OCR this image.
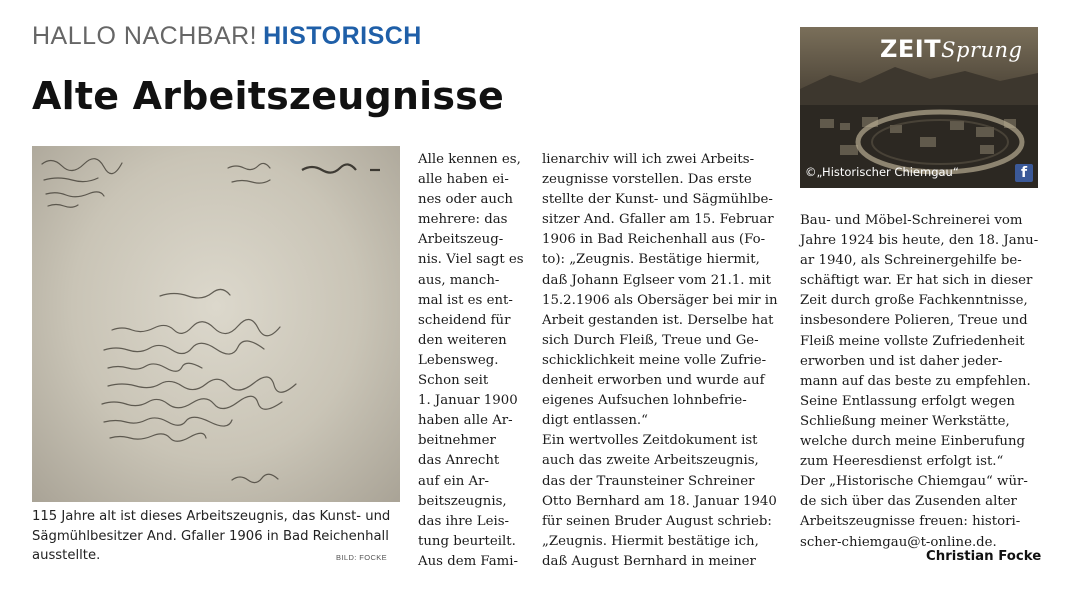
HALLO NACHBAR! HISTORISCH
Alte Arbeitszeugnisse
115 Jahre alt ist dieses Arbeitszeugnis, das Kunst- und Sägmühlbesitzer And. Gfaller 1906 in Bad Reichenhall ausstellte.	BILD: FOCKE
Alle kennen es,
alle haben ei-
nes oder auch
mehrere: das
Arbeitszeug-
nis. Viel sagt es
aus, manch-
mal ist es ent-
scheidend für
den weiteren
Lebensweg.
Schon seit
1. Januar 1900
haben alle Ar-
beitnehmer
das Anrecht
auf ein Ar-
beitszeugnis,
das ihre Leis-
tung beurteilt.
Aus dem Fami-
lienarchiv will ich zwei Arbeits-
zeugnisse vorstellen. Das erste
stellte der Kunst- und Sägmühlbe-
sitzer And. Gfaller am 15. Februar
1906 in Bad Reichenhall aus (Fo-
to): „Zeugnis. Bestätige hiermit,
daß Johann Eglseer vom 21.1. mit
15.2.1906 als Obersäger bei mir in
Arbeit gestanden ist. Derselbe hat
sich Durch Fleiß, Treue und Ge-
schicklichkeit meine volle Zufrie-
denheit erworben und wurde auf
eigenes Aufsuchen lohnbefrie-
digt entlassen.“
Ein wertvolles Zeitdokument ist
auch das zweite Arbeitszeugnis,
das der Traunsteiner Schreiner
Otto Bernhard am 18. Januar 1940
für seinen Bruder August schrieb:
„Zeugnis. Hiermit bestätige ich,
daß August Bernhard in meiner
Bau- und Möbel-Schreinerei vom
Jahre 1924 bis heute, den 18. Janu-
ar 1940, als Schreinergehilfe be-
schäftigt war. Er hat sich in dieser
Zeit durch große Fachkenntnisse,
insbesondere Polieren, Treue und
Fleiß meine vollste Zufriedenheit
erworben und ist daher jeder-
mann auf das beste zu empfehlen.
Seine Entlassung erfolgt wegen
Schließung meiner Werkstätte,
welche durch meine Einberufung
zum Heeresdienst erfolgt ist.“
Der „Historische Chiemgau“ wür-
de sich über das Zusenden alter
Arbeitszeugnisse freuen: histori-
scher-chiemgau@t-online.de.
Christian Focke
ZEITSprung
©„Historischer Chiemgau“	f
